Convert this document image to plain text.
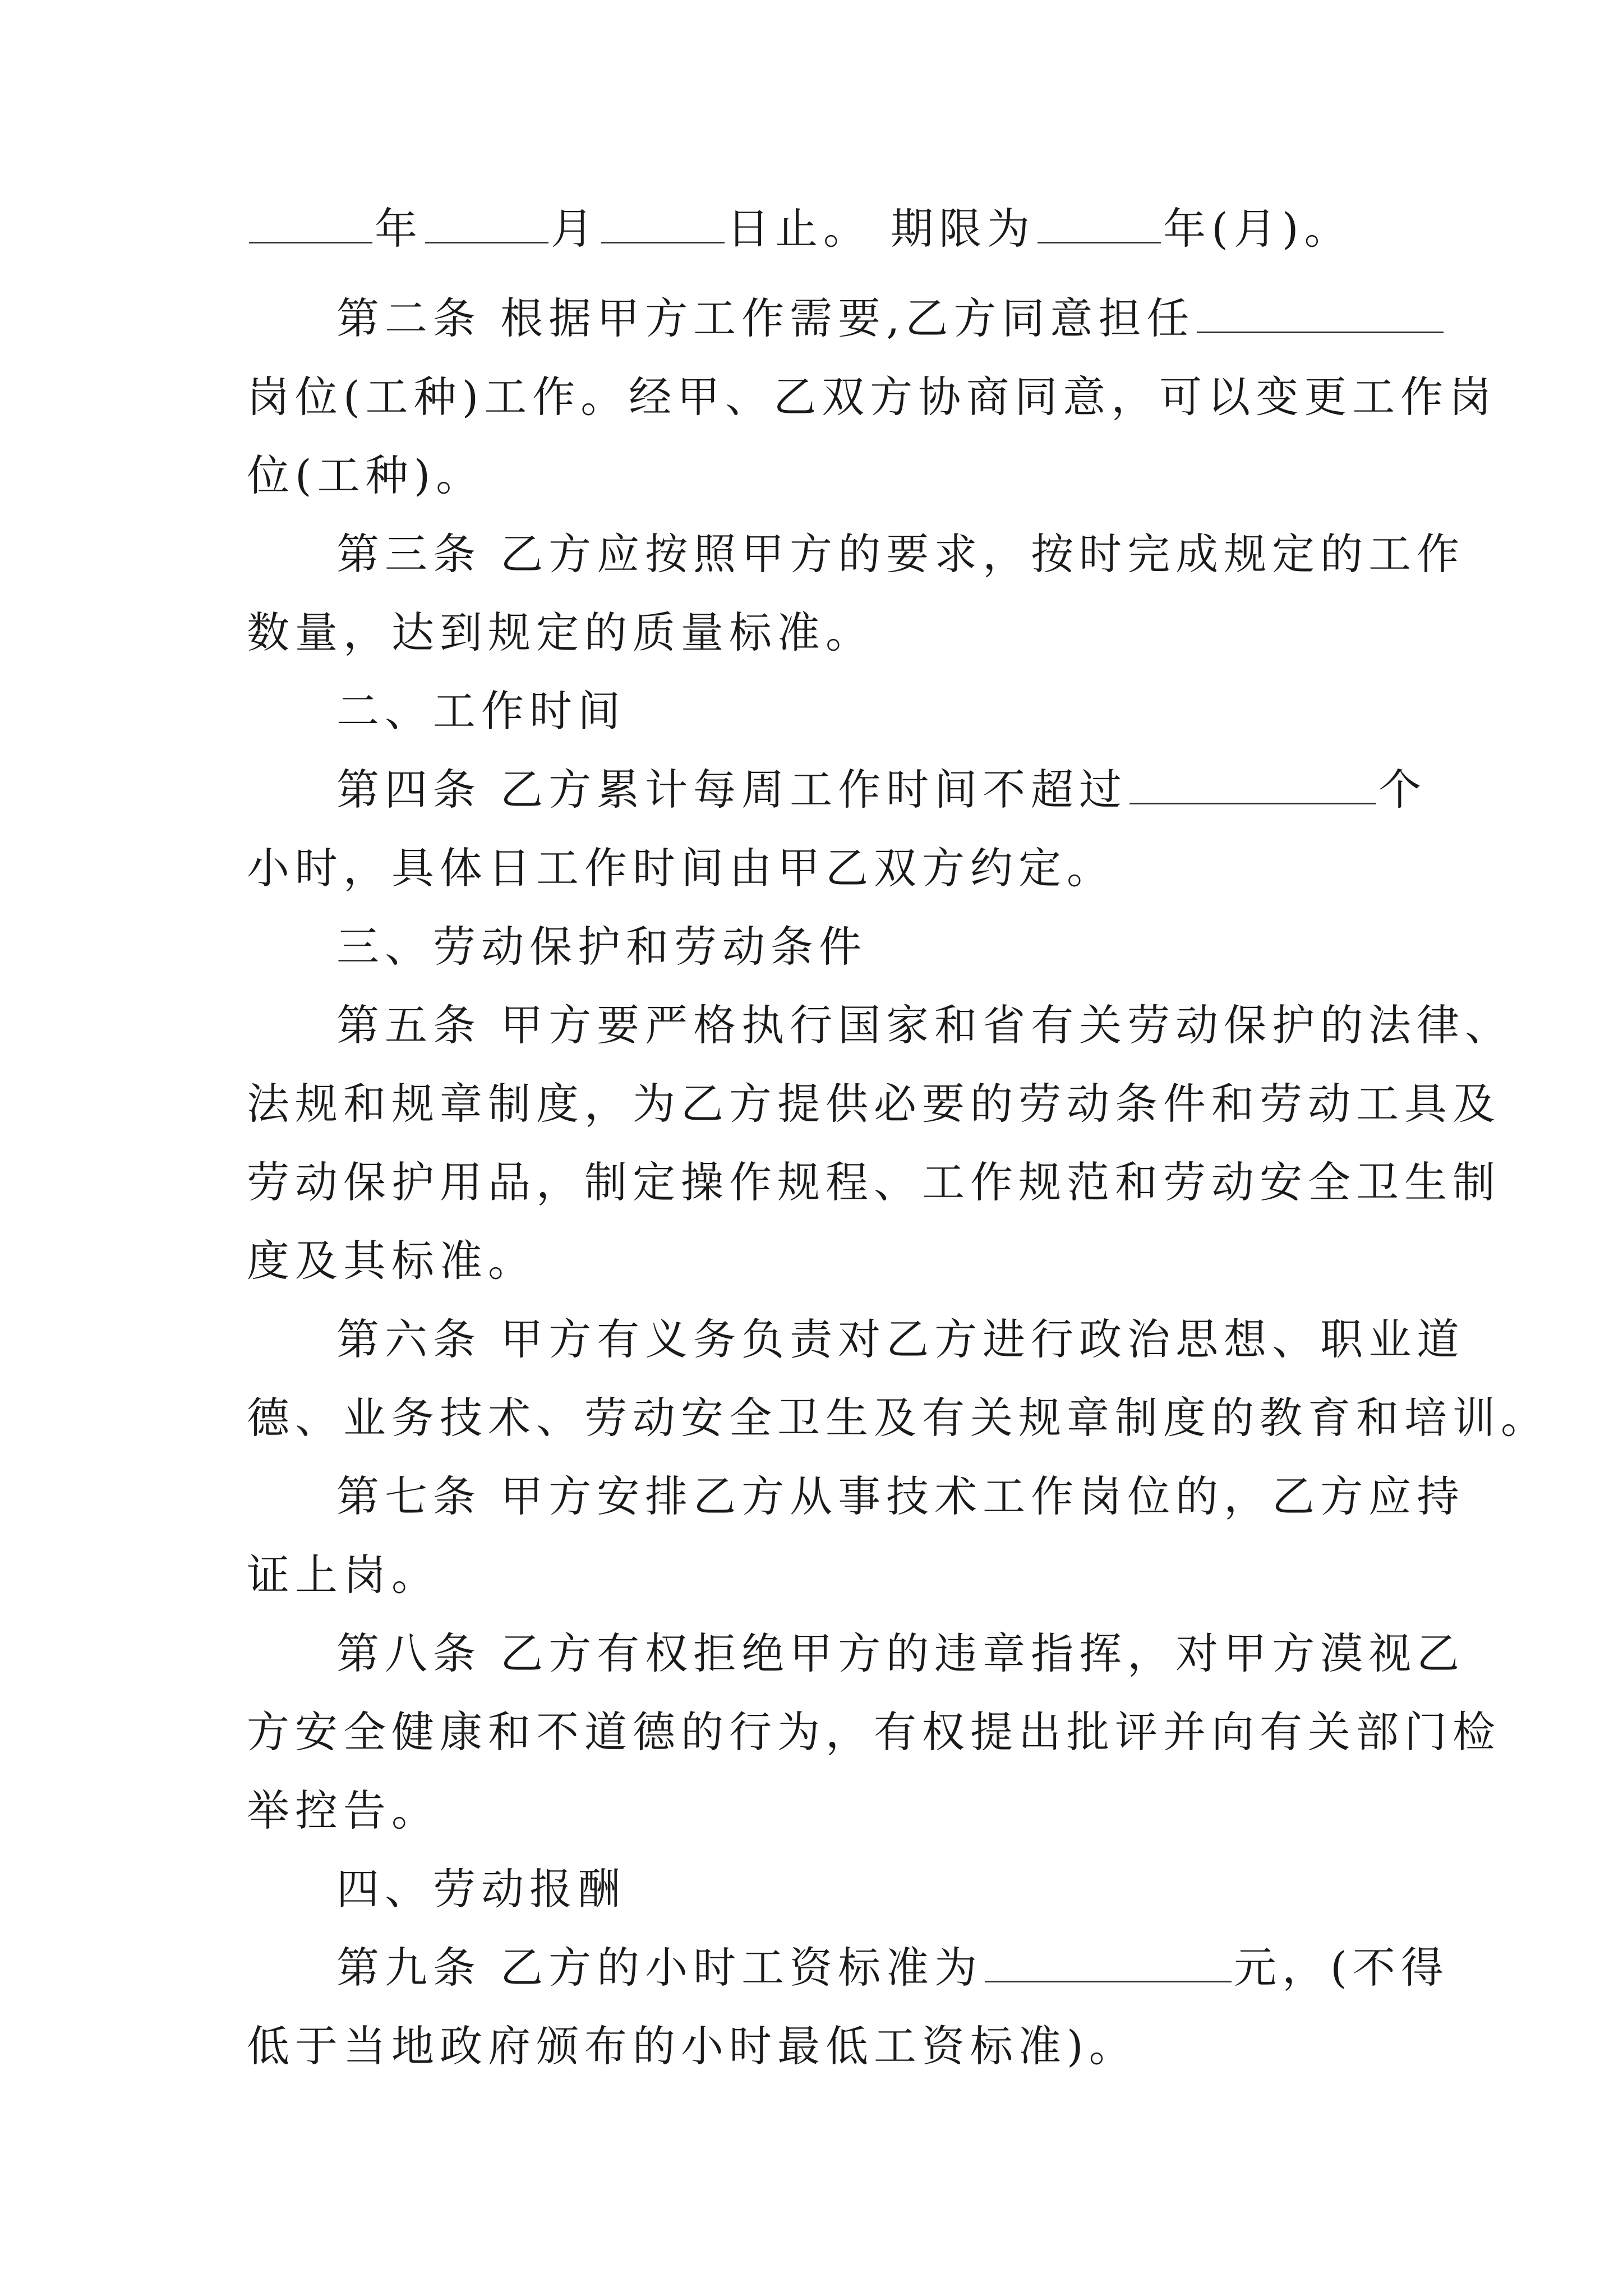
年	月	日止。 期限为	年(月)。
第二条 根据甲方工作需要,乙方同意担任
岗位(工种)工作。经甲、乙双方协商同意，可以变更工作岗
位(工种)。
第三条 乙方应按照甲方的要求，按时完成规定的工作
数量，达到规定的质量标准。
二、工作时间
第四条 乙方累计每周工作时间不超过	个
小时，具体日工作时间由甲乙双方约定。
三、劳动保护和劳动条件
第五条 甲方要严格执行国家和省有关劳动保护的法律、
法规和规章制度，为乙方提供必要的劳动条件和劳动工具及
劳动保护用品，制定操作规程、工作规范和劳动安全卫生制
度及其标准。
第六条 甲方有义务负责对乙方进行政治思想、职业道
德、业务技术、劳动安全卫生及有关规章制度的教育和培训。
第七条 甲方安排乙方从事技术工作岗位的，乙方应持
证上岗。
第八条 乙方有权拒绝甲方的违章指挥，对甲方漠视乙
方安全健康和不道德的行为，有权提出批评并向有关部门检
举控告。
四、劳动报酬
第九条 乙方的小时工资标准为	元，(不得
低于当地政府颁布的小时最低工资标准)。
